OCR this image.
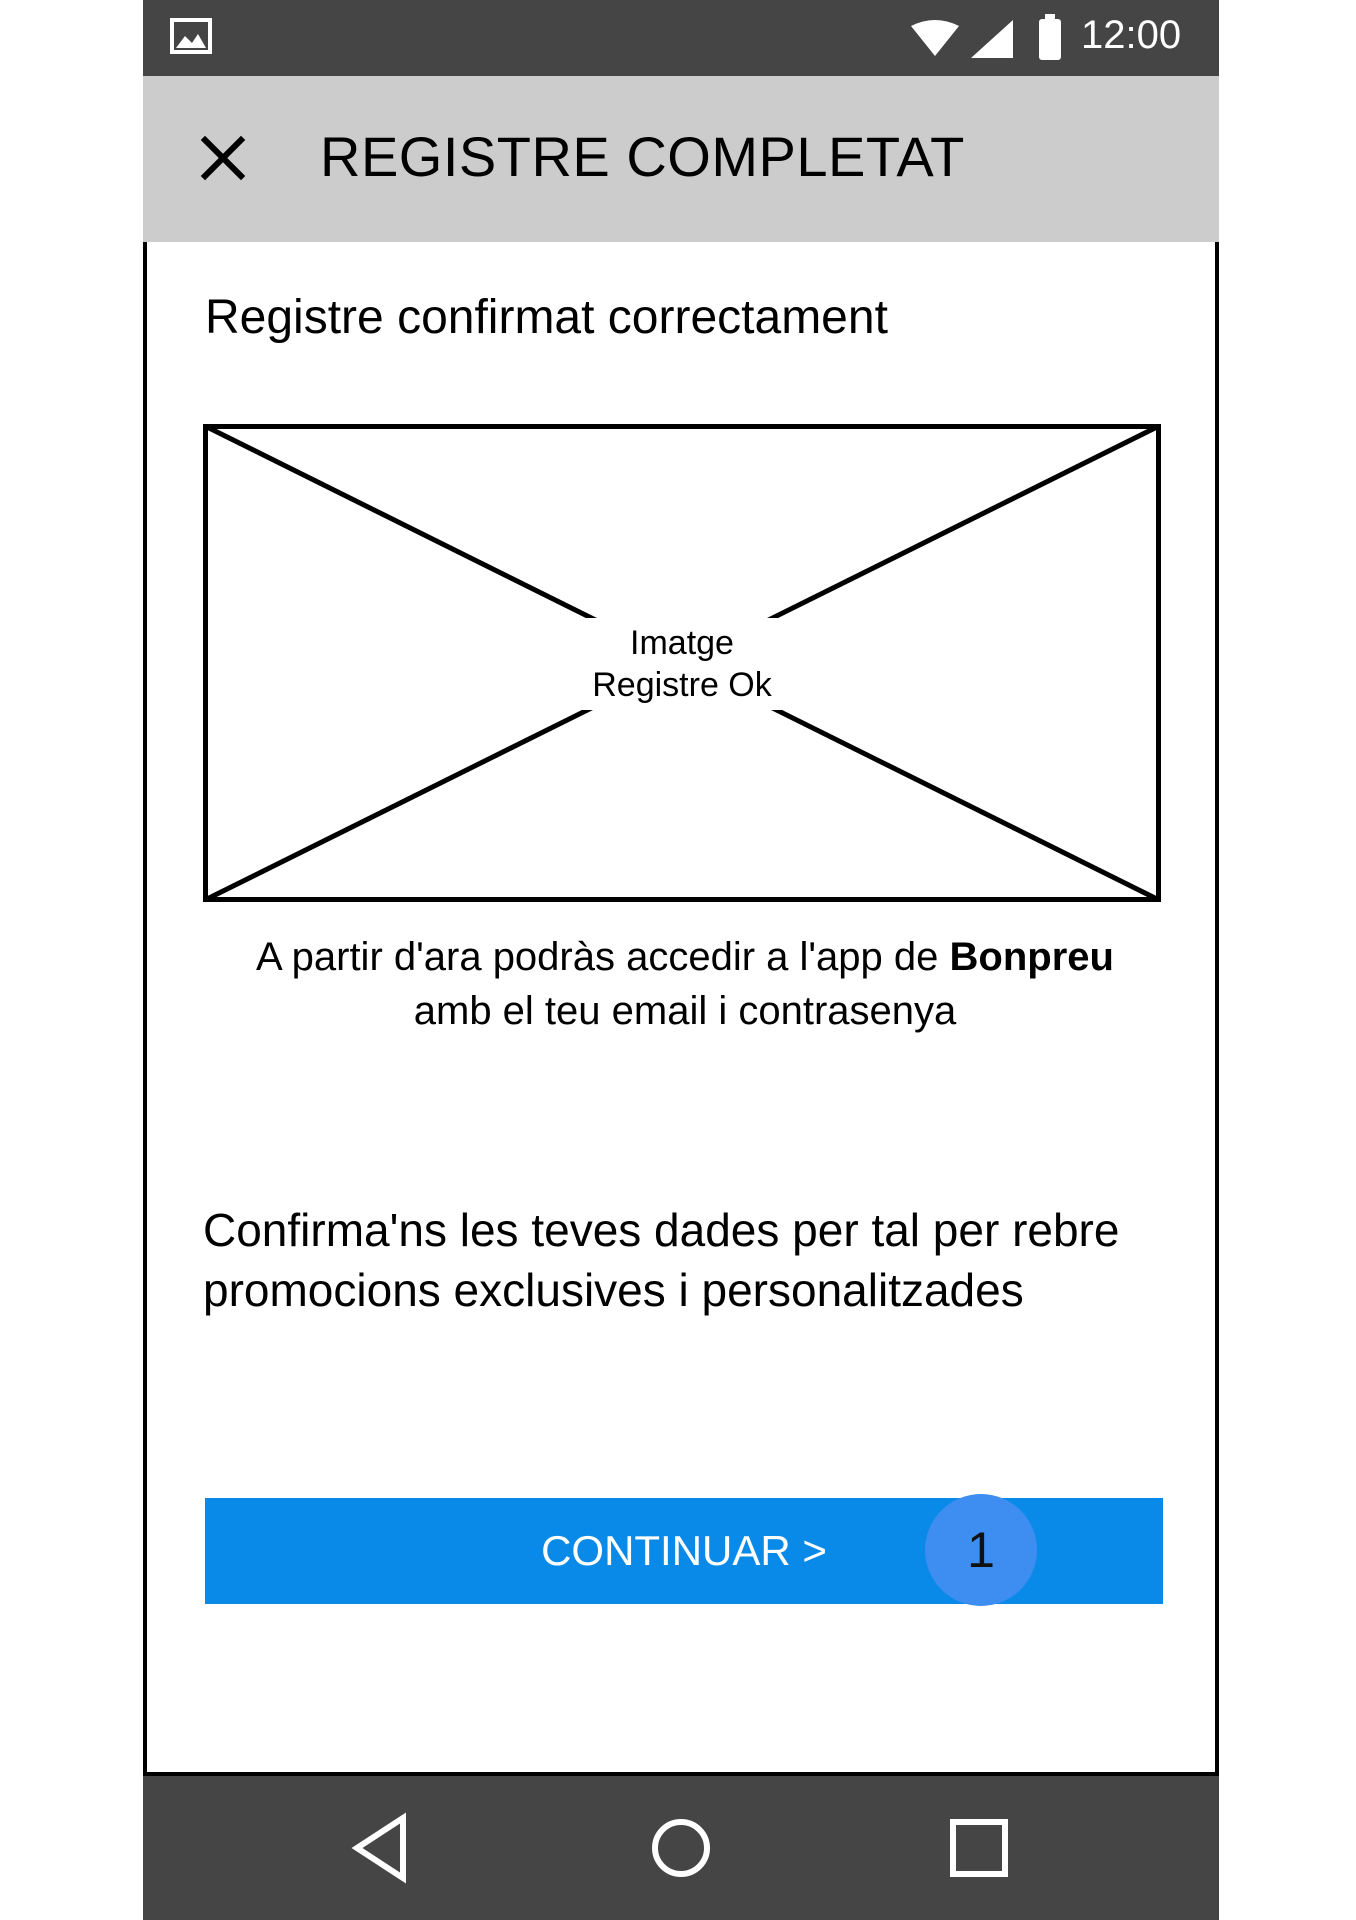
12:00
REGISTRE COMPLETAT
Registre confirmat correctament
Imatge
Registre Ok
A partir d'ara podràs accedir a l'app de Bonpreu
amb el teu email i contrasenya
Confirma'ns les teves dades per tal per rebre promocions exclusives i personalitzades
CONTINUAR >	1
